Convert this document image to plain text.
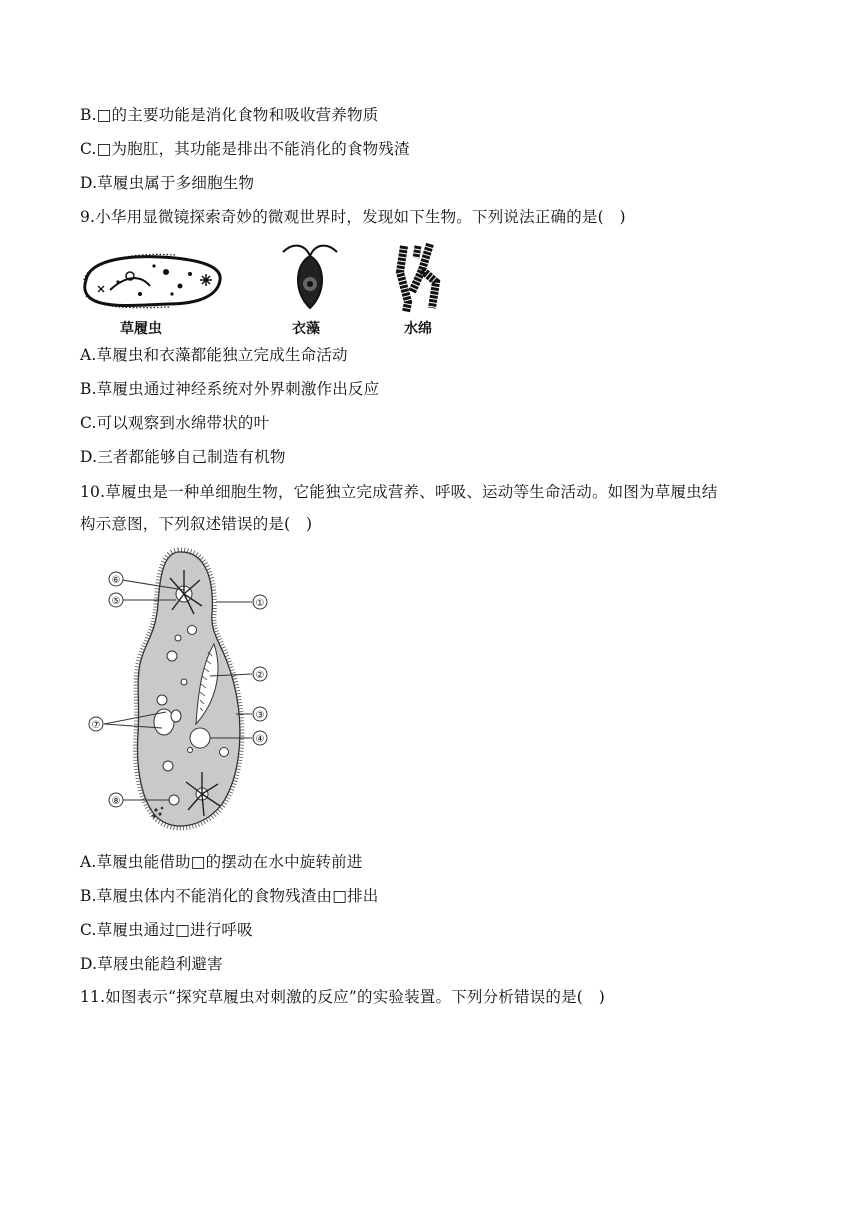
B.□的主要功能是消化食物和吸收营养物质
C.□为胞肛，其功能是排出不能消化的食物残渣
D.草履虫属于多细胞生物
9.小华用显微镜探索奇妙的微观世界时，发现如下生物。下列说法正确的是(　)
草履虫	衣藻	水绵
A.草履虫和衣藻都能独立完成生命活动
B.草履虫通过神经系统对外界刺激作出反应
C.可以观察到水绵带状的叶
D.三者都能够自己制造有机物
10.草履虫是一种单细胞生物，它能独立完成营养、呼吸、运动等生命活动。如图为草履虫结
构示意图，下列叙述错误的是(　)
①
②
③
④
⑤
⑥
⑦
⑧
A.草履虫能借助□的摆动在水中旋转前进
B.草履虫体内不能消化的食物残渣由□排出
C.草履虫通过□进行呼吸
D.草屐虫能趋利避害
11.如图表示“探究草履虫对刺激的反应”的实验装置。下列分析错误的是(　)
